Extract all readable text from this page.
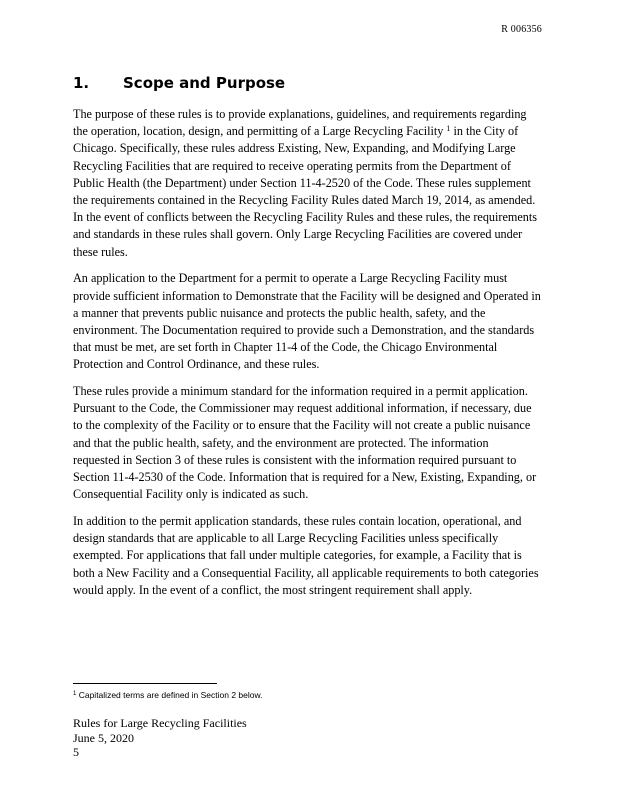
R 006356
1.	Scope and Purpose

The purpose of these rules is to provide explanations, guidelines, and requirements regarding
the operation, location, design, and permitting of a Large Recycling Facility $^1$ in the City of
Chicago. Specifically, these rules address Existing, New, Expanding, and Modifying Large
Recycling Facilities that are required to receive operating permits from the Department of
Public Health (the Department) under Section 11-4-2520 of the Code. These rules supplement
the requirements contained in the Recycling Facility Rules dated March 19, 2014, as amended.
In the event of conflicts between the Recycling Facility Rules and these rules, the requirements
and standards in these rules shall govern. Only Large Recycling Facilities are covered under
these rules.

An application to the Department for a permit to operate a Large Recycling Facility must
provide sufficient information to Demonstrate that the Facility will be designed and Operated in
a manner that prevents public nuisance and protects the public health, safety, and the
environment. The Documentation required to provide such a Demonstration, and the standards
that must be met, are set forth in Chapter 11-4 of the Code, the Chicago Environmental
Protection and Control Ordinance, and these rules.

These rules provide a minimum standard for the information required in a permit application.
Pursuant to the Code, the Commissioner may request additional information, if necessary, due
to the complexity of the Facility or to ensure that the Facility will not create a public nuisance
and that the public health, safety, and the environment are protected. The information
requested in Section 3 of these rules is consistent with the information required pursuant to
Section 11-4-2530 of the Code. Information that is required for a New, Existing, Expanding, or
Consequential Facility only is indicated as such.

In addition to the permit application standards, these rules contain location, operational, and
design standards that are applicable to all Large Recycling Facilities unless specifically
exempted. For applications that fall under multiple categories, for example, a Facility that is
both a New Facility and a Consequential Facility, all applicable requirements to both categories
would apply. In the event of a conflict, the most stringent requirement shall apply.

$^1$ Capitalized terms are defined in Section 2 below.
Rules for Large Recycling Facilities
June 5, 2020
5
